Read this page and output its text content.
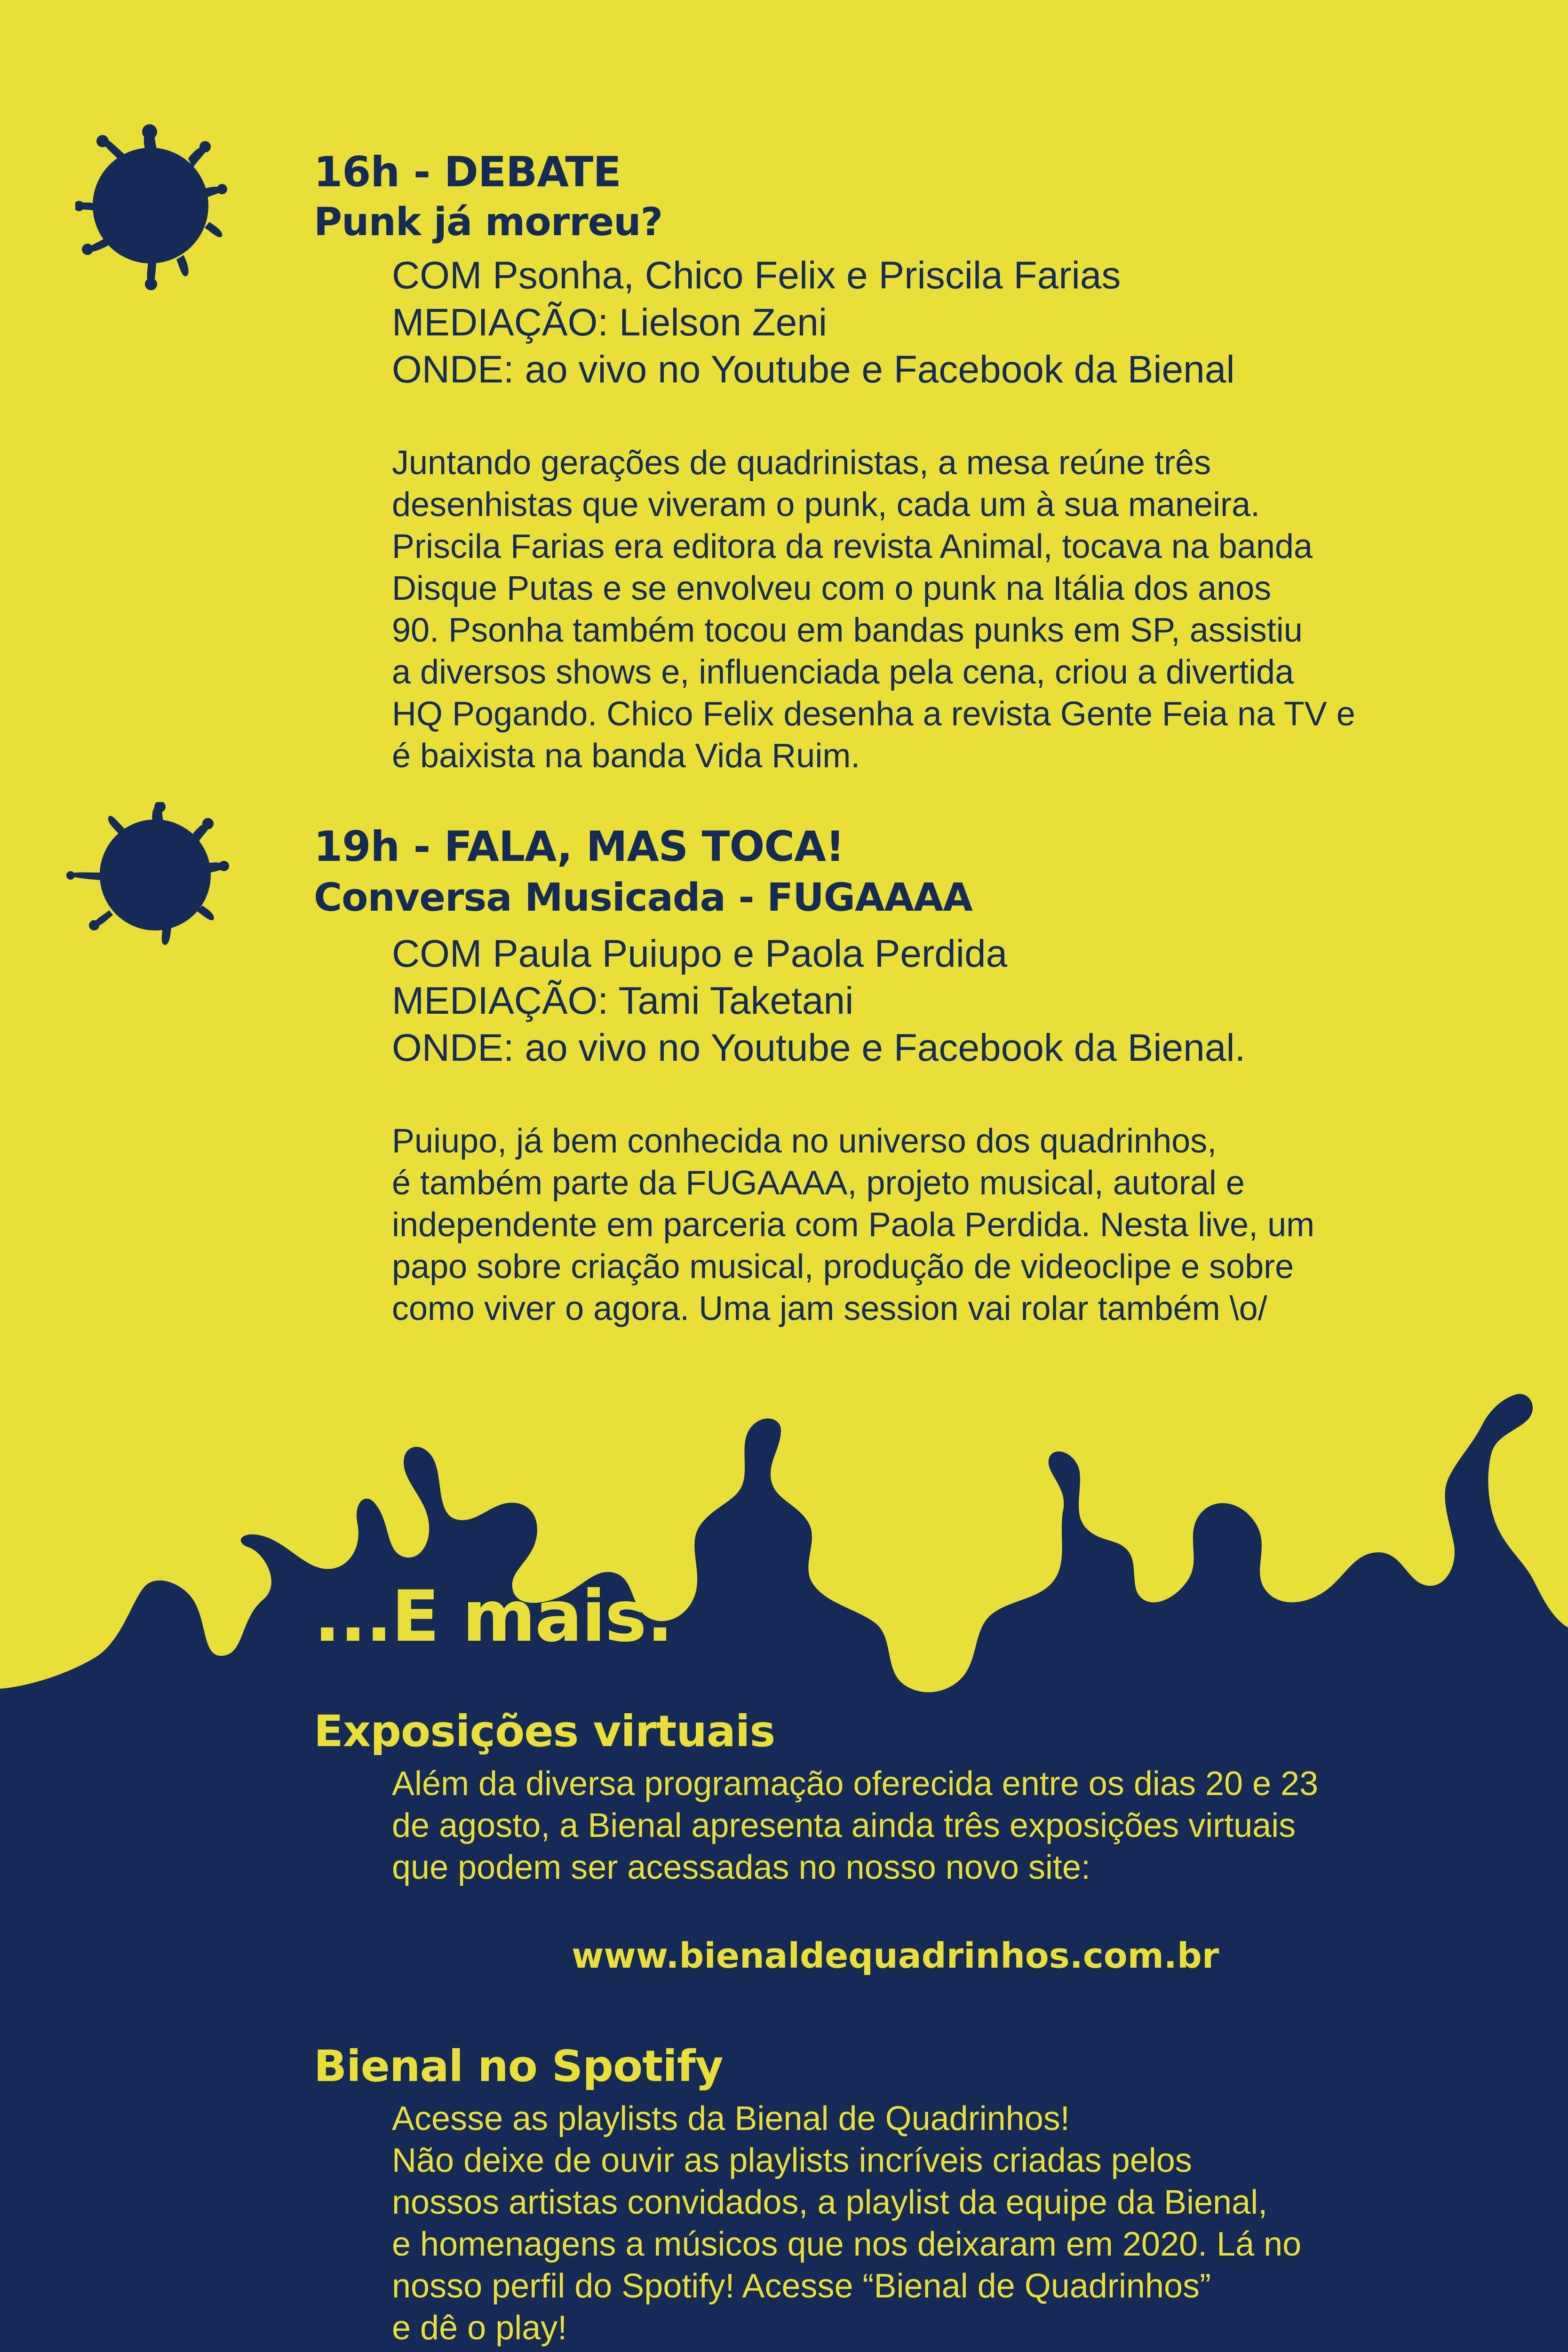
16h - DEBATE
Punk já morreu?

COM Psonha, Chico Felix e Priscila Farias

MEDIAÇÃO: Lielson Zeni

ONDE: ao vivo no Youtube e Facebook da Bienal

Juntando gerações de quadrinistas, a mesa reúne três
desenhistas que viveram o punk, cada um à sua maneira.
Priscila Farias era editora da revista Animal, tocava na banda
Disque Putas e se envolveu com o punk na Itália dos anos
90. Psonha também tocou em bandas punks em SP, assistiu
a diversos shows e, influenciada pela cena, criou a divertida
HQ Pogando. Chico Felix desenha a revista Gente Feia na TV e
é baixista na banda Vida Ruim.
19h - FALA, MAS TOCA!
Conversa Musicada - FUGAAAA

COM Paula Puiupo e Paola Perdida

MEDIAÇÃO: Tami Taketani

ONDE: ao vivo no Youtube e Facebook da Bienal.

Puiupo, já bem conhecida no universo dos quadrinhos,
é também parte da FUGAAAA, projeto musical, autoral e
independente em parceria com Paola Perdida. Nesta live, um
papo sobre criação musical, produção de videoclipe e sobre
como viver o agora. Uma jam session vai rolar também \o/
...E mais:
Exposições virtuais
Além da diversa programação oferecida entre os dias 20 e 23
de agosto, a Bienal apresenta ainda três exposições virtuais
que podem ser acessadas no nosso novo site:

www.bienaldequadrinhos.com.br

Bienal no Spotify
Acesse as playlists da Bienal de Quadrinhos!
Não deixe de ouvir as playlists incríveis criadas pelos
nossos artistas convidados, a playlist da equipe da Bienal,
e homenagens a músicos que nos deixaram em 2020. Lá no
nosso perfil do Spotify! Acesse “Bienal de Quadrinhos”
e dê o play!
